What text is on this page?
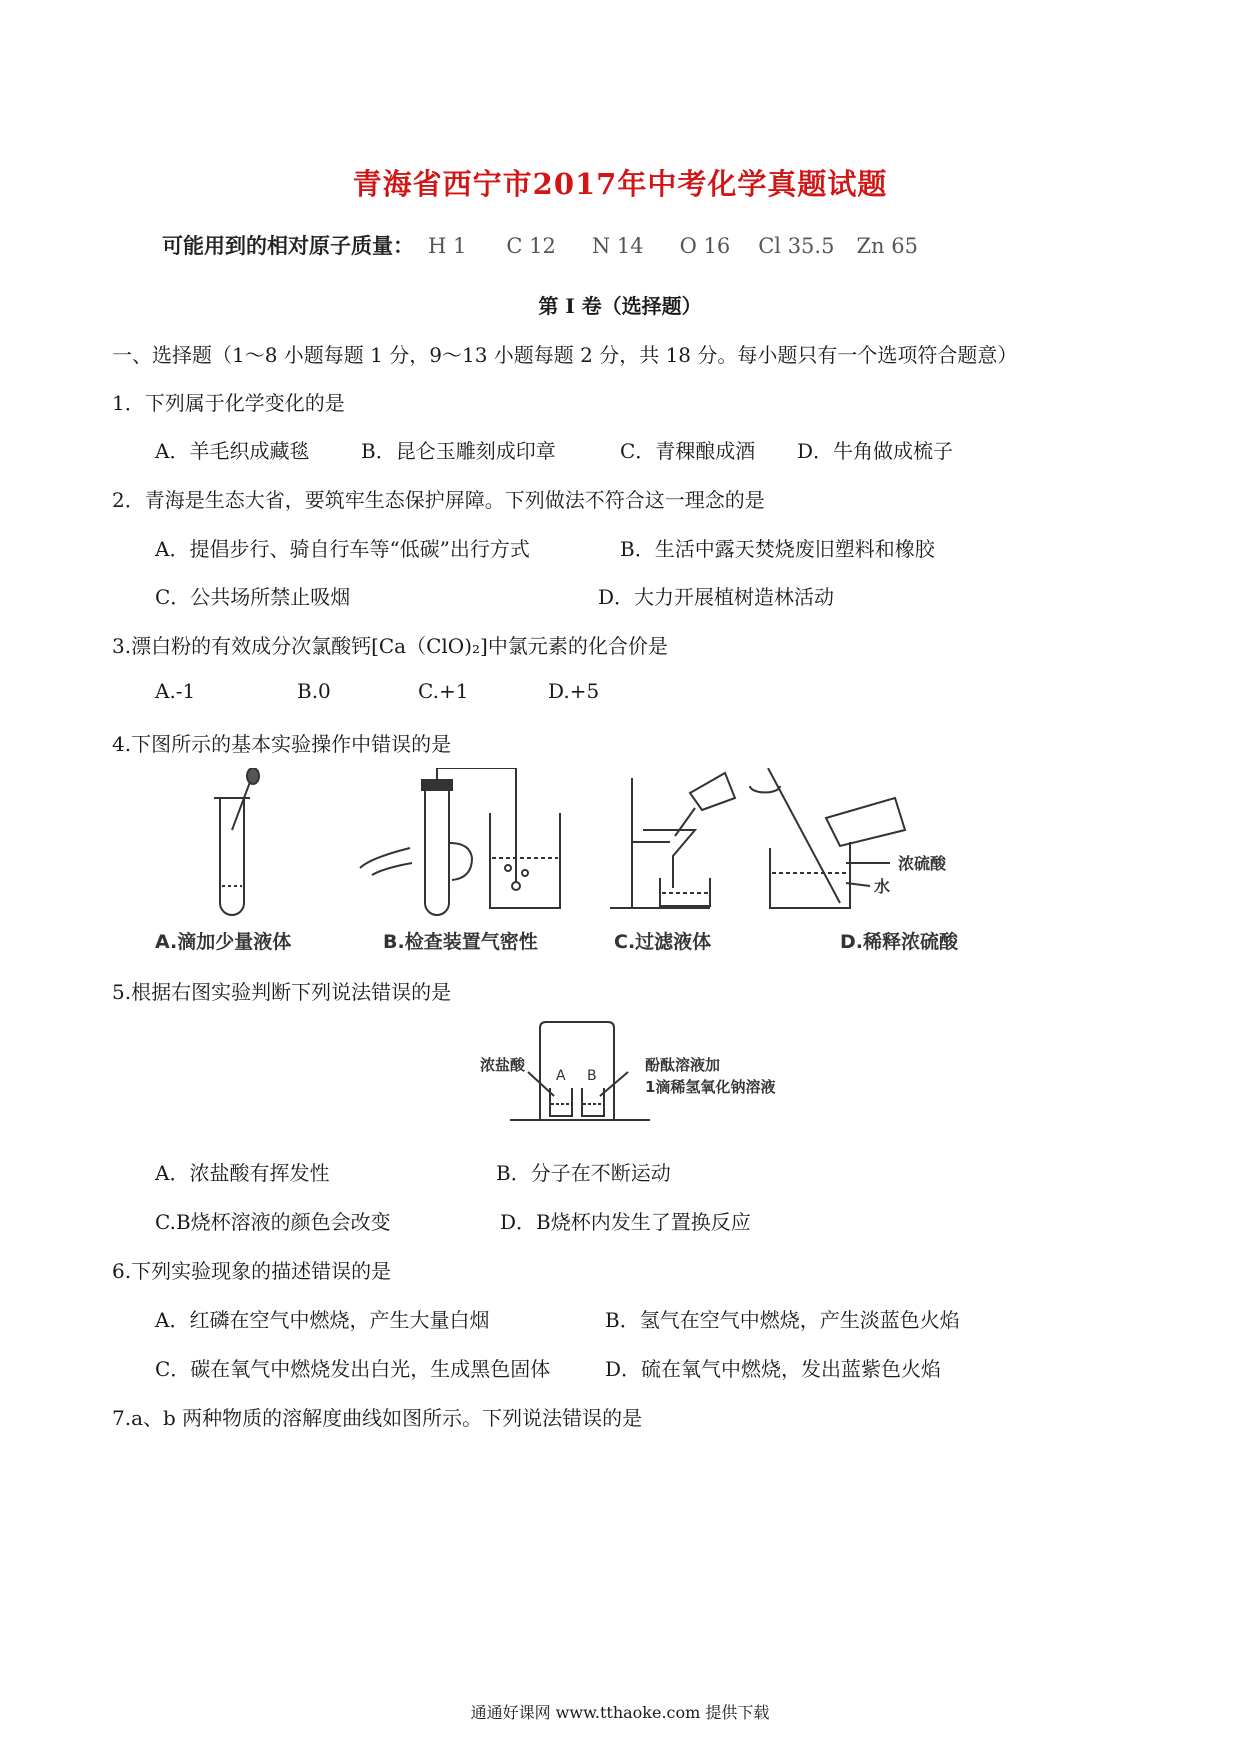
青海省西宁市2017年中考化学真题试题
可能用到的相对原子质量： H 1 C 12 N 14 O 16 Cl 35.5 Zn 65
第 I 卷（选择题）
一、选择题（1～8 小题每题 1 分，9～13 小题每题 2 分，共 18 分。每小题只有一个选项符合题意）
1．下列属于化学变化的是
A．羊毛织成藏毯	B．昆仑玉雕刻成印章	C．青稞酿成酒 D．牛角做成梳子
2．青海是生态大省，要筑牢生态保护屏障。下列做法不符合这一理念的是
A．提倡步行、骑自行车等“低碳”出行方式	B．生活中露天焚烧废旧塑料和橡胶
C．公共场所禁止吸烟	D．大力开展植树造林活动
3.漂白粉的有效成分次氯酸钙[Ca（ClO)₂]中氯元素的化合价是
A.-1	B.0	C.+1	D.+5
4.下图所示的基本实验操作中错误的是
浓硫酸
水
A.滴加少量液体	B.检查装置气密性	C.过滤液体	D.稀释浓硫酸
5.根据右图实验判断下列说法错误的是
浓盐酸
A B
酚酞溶液加
1滴稀氢氧化钠溶液
A．浓盐酸有挥发性	B．分子在不断运动
C.B烧杯溶液的颜色会改变	D．B烧杯内发生了置换反应
6.下列实验现象的描述错误的是
A．红磷在空气中燃烧，产生大量白烟	B．氢气在空气中燃烧，产生淡蓝色火焰
C．碳在氧气中燃烧发出白光，生成黑色固体	D．硫在氧气中燃烧，发出蓝紫色火焰
7.a、b 两种物质的溶解度曲线如图所示。下列说法错误的是
通通好课网 www.tthaoke.com 提供下载
